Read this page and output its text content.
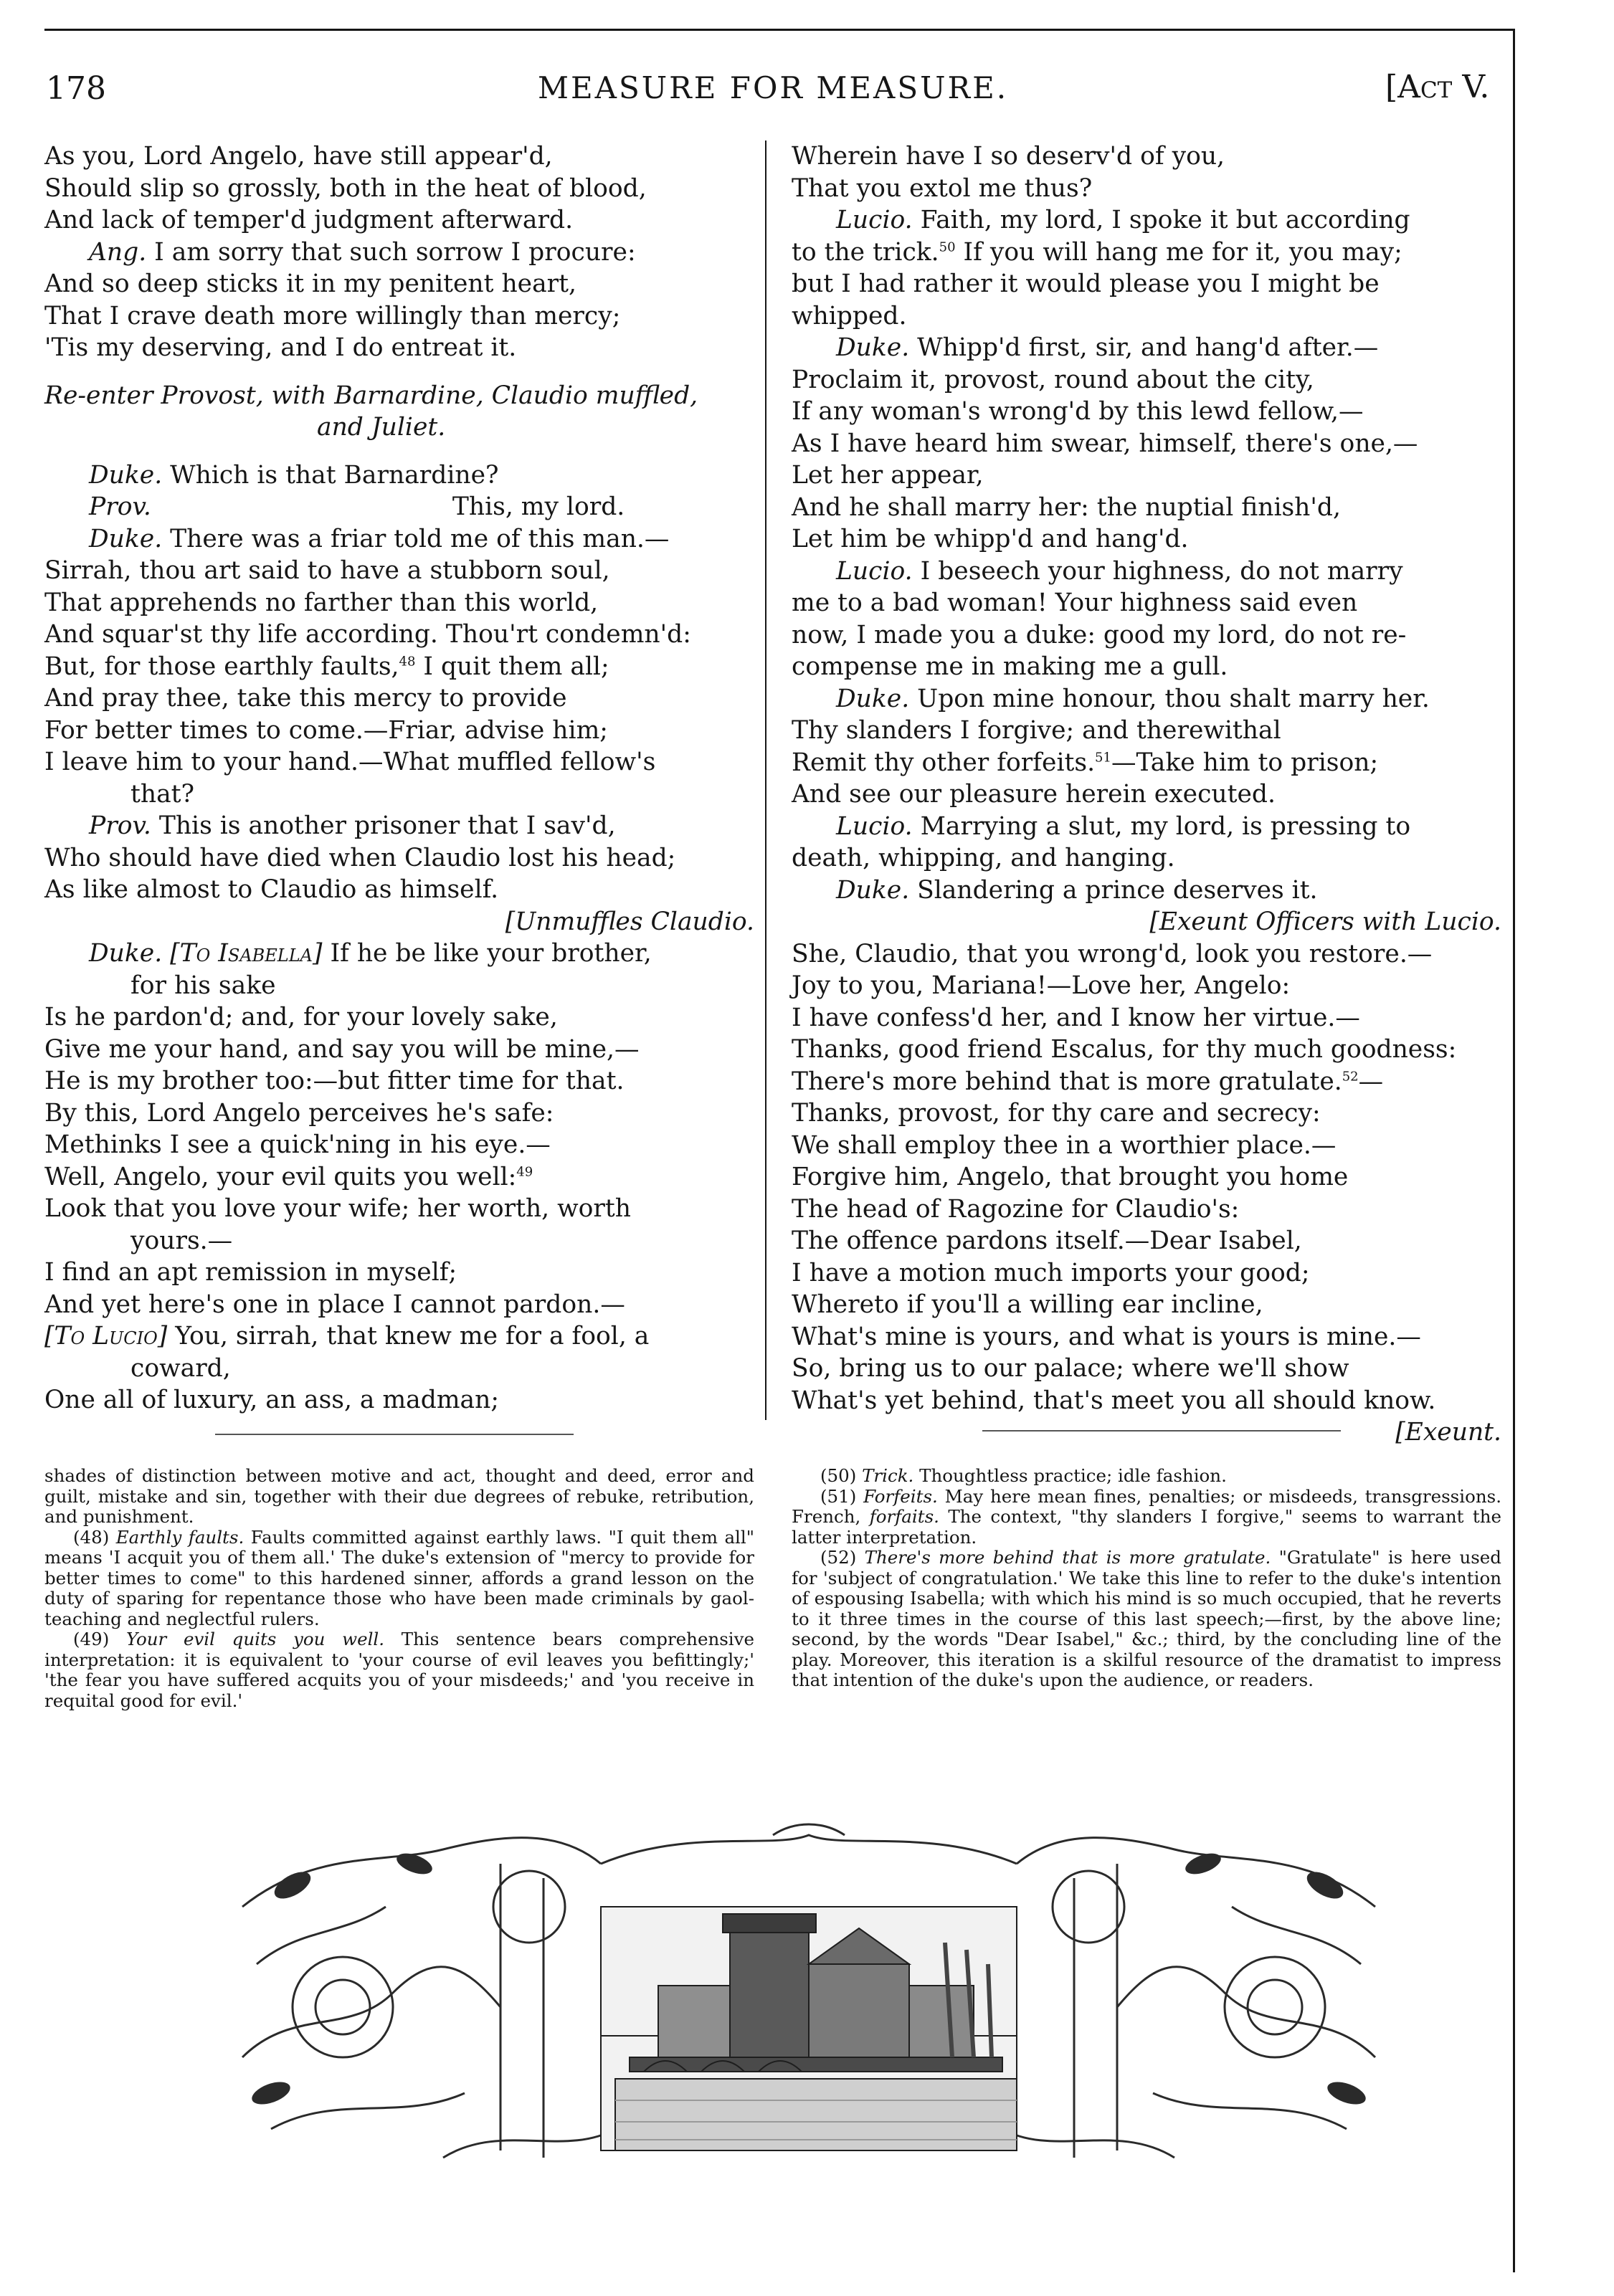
178	MEASURE FOR MEASURE.	[Act V.
As you, Lord Angelo, have still appear'd,
Should slip so grossly, both in the heat of blood,
And lack of temper'd judgment afterward.
Ang. I am sorry that such sorrow I procure:
And so deep sticks it in my penitent heart,
That I crave death more willingly than mercy;
'Tis my deserving, and I do entreat it.
Re-enter Provost, with Barnardine, Claudio muffled,
and Juliet.
Duke. Which is that Barnardine?
Prov.	This, my lord.
Duke. There was a friar told me of this man.—
Sirrah, thou art said to have a stubborn soul,
That apprehends no farther than this world,
And squar'st thy life according. Thou'rt condemn'd:
But, for those earthly faults,$^{48}$ I quit them all;
And pray thee, take this mercy to provide
For better times to come.—Friar, advise him;
I leave him to your hand.—What muffled fellow's
that?
Prov. This is another prisoner that I sav'd,
Who should have died when Claudio lost his head;
As like almost to Claudio as himself.
[Unmuffles Claudio.
Duke. [To Isabella] If he be like your brother,
for his sake
Is he pardon'd; and, for your lovely sake,
Give me your hand, and say you will be mine,—
He is my brother too:—but fitter time for that.
By this, Lord Angelo perceives he's safe:
Methinks I see a quick'ning in his eye.—
Well, Angelo, your evil quits you well:$^{49}$
Look that you love your wife; her worth, worth
yours.—
I find an apt remission in myself;
And yet here's one in place I cannot pardon.—
[To Lucio] You, sirrah, that knew me for a fool, a
coward,
One all of luxury, an ass, a madman;
Wherein have I so deserv'd of you,
That you extol me thus?
Lucio. Faith, my lord, I spoke it but according
to the trick.$^{50}$ If you will hang me for it, you may;
but I had rather it would please you I might be
whipped.
Duke. Whipp'd first, sir, and hang'd after.—
Proclaim it, provost, round about the city,
If any woman's wrong'd by this lewd fellow,—
As I have heard him swear, himself, there's one,—
Let her appear,
And he shall marry her: the nuptial finish'd,
Let him be whipp'd and hang'd.
Lucio. I beseech your highness, do not marry
me to a bad woman! Your highness said even
now, I made you a duke: good my lord, do not re-
compense me in making me a gull.
Duke. Upon mine honour, thou shalt marry her.
Thy slanders I forgive; and therewithal
Remit thy other forfeits.$^{51}$—Take him to prison;
And see our pleasure herein executed.
Lucio. Marrying a slut, my lord, is pressing to
death, whipping, and hanging.
Duke. Slandering a prince deserves it.
[Exeunt Officers with Lucio.
She, Claudio, that you wrong'd, look you restore.—
Joy to you, Mariana!—Love her, Angelo:
I have confess'd her, and I know her virtue.—
Thanks, good friend Escalus, for thy much goodness:
There's more behind that is more gratulate.$^{52}$—
Thanks, provost, for thy care and secrecy:
We shall employ thee in a worthier place.—
Forgive him, Angelo, that brought you home
The head of Ragozine for Claudio's:
The offence pardons itself.—Dear Isabel,
I have a motion much imports your good;
Whereto if you'll a willing ear incline,
What's mine is yours, and what is yours is mine.—
So, bring us to our palace; where we'll show
What's yet behind, that's meet you all should know.
[Exeunt.

shades of distinction between motive and act, thought and deed, error and guilt, mistake and sin, together with their due degrees of rebuke, retribution, and punishment.

(48) Earthly faults. Faults committed against earthly laws. "I quit them all" means 'I acquit you of them all.' The duke's extension of "mercy to provide for better times to come" to this hardened sinner, affords a grand lesson on the duty of sparing for repentance those who have been made criminals by gaol-teaching and neglectful rulers.

(49) Your evil quits you well. This sentence bears comprehensive interpretation: it is equivalent to 'your course of evil leaves you befittingly;' 'the fear you have suffered acquits you of your misdeeds;' and 'you receive in requital good for evil.'

(50) Trick. Thoughtless practice; idle fashion.

(51) Forfeits. May here mean fines, penalties; or misdeeds, transgressions. French, forfaits. The context, "thy slanders I forgive," seems to warrant the latter interpretation.

(52) There's more behind that is more gratulate. "Gratulate" is here used for 'subject of congratulation.' We take this line to refer to the duke's intention of espousing Isabella; with which his mind is so much occupied, that he reverts to it three times in the course of this last speech;—first, by the above line; second, by the words "Dear Isabel," &c.; third, by the concluding line of the play. Moreover, this iteration is a skilful resource of the dramatist to impress that intention of the duke's upon the audience, or readers.
